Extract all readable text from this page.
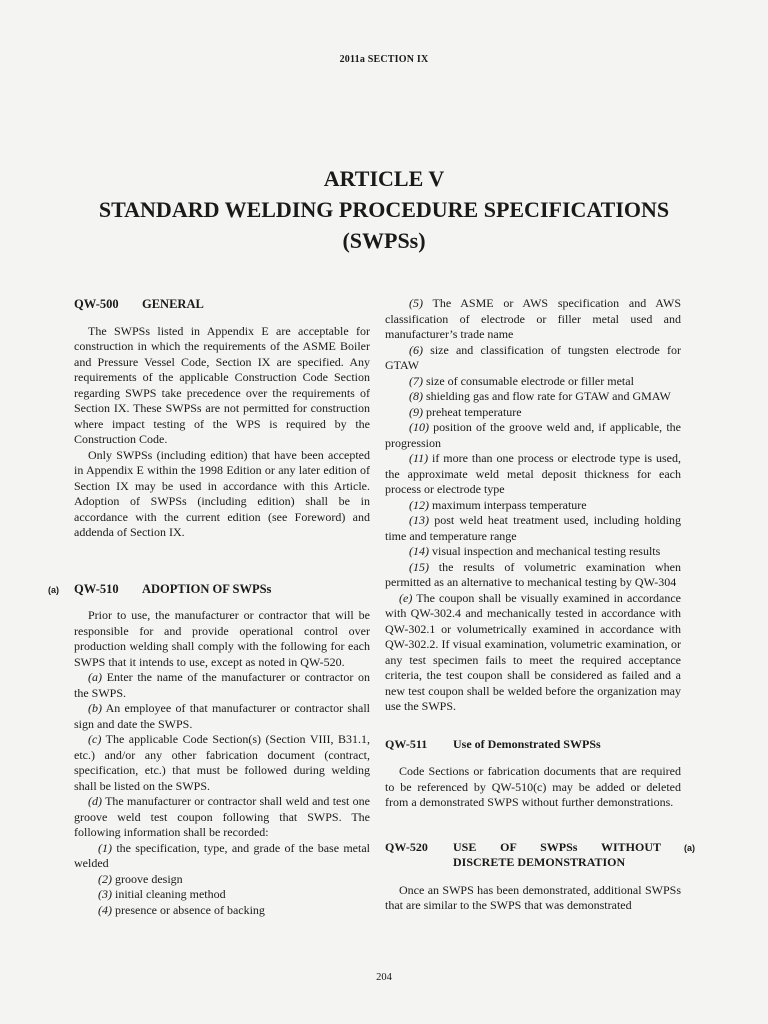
2011a SECTION IX
ARTICLE V
STANDARD WELDING PROCEDURE SPECIFICATIONS
(SWPSs)
QW-500	GENERAL

The SWPSs listed in Appendix E are acceptable for construction in which the requirements of the ASME Boiler and Pressure Vessel Code, Section IX are specified. Any requirements of the applicable Construction Code Section regarding SWPS take precedence over the requirements of Section IX. These SWPSs are not permitted for construction where impact testing of the WPS is required by the Construction Code.

Only SWPSs (including edition) that have been accepted in Appendix E within the 1998 Edition or any later edition of Section IX may be used in accordance with this Article. Adoption of SWPSs (including edition) shall be in accordance with the current edition (see Foreword) and addenda of Section IX.

(a) QW-510	ADOPTION OF SWPSs

Prior to use, the manufacturer or contractor that will be responsible for and provide operational control over production welding shall comply with the following for each SWPS that it intends to use, except as noted in QW-520.

(a) Enter the name of the manufacturer or contractor on the SWPS.

(b) An employee of that manufacturer or contractor shall sign and date the SWPS.

(c) The applicable Code Section(s) (Section VIII, B31.1, etc.) and/or any other fabrication document (contract, specification, etc.) that must be followed during welding shall be listed on the SWPS.

(d) The manufacturer or contractor shall weld and test one groove weld test coupon following that SWPS. The following information shall be recorded:

(1) the specification, type, and grade of the base metal welded

(2) groove design

(3) initial cleaning method

(4) presence or absence of backing

(5) The ASME or AWS specification and AWS classification of electrode or filler metal used and manufacturer’s trade name

(6) size and classification of tungsten electrode for GTAW

(7) size of consumable electrode or filler metal

(8) shielding gas and flow rate for GTAW and GMAW

(9) preheat temperature

(10) position of the groove weld and, if applicable, the progression

(11) if more than one process or electrode type is used, the approximate weld metal deposit thickness for each process or electrode type

(12) maximum interpass temperature

(13) post weld heat treatment used, including holding time and temperature range

(14) visual inspection and mechanical testing results

(15) the results of volumetric examination when permitted as an alternative to mechanical testing by QW-304

(e) The coupon shall be visually examined in accordance with QW-302.4 and mechanically tested in accordance with QW-302.1 or volumetrically examined in accordance with QW-302.2. If visual examination, volumetric examination, or any test specimen fails to meet the required acceptance criteria, the test coupon shall be considered as failed and a new test coupon shall be welded before the organization may use the SWPS.

QW-511	Use of Demonstrated SWPSs

Code Sections or fabrication documents that are required to be referenced by QW-510(c) may be added or deleted from a demonstrated SWPS without further demonstrations.

QW-520	USE OF SWPSs WITHOUT DISCRETE DEMONSTRATION
(a)

Once an SWPS has been demonstrated, additional SWPSs that are similar to the SWPS that was demonstrated

204
